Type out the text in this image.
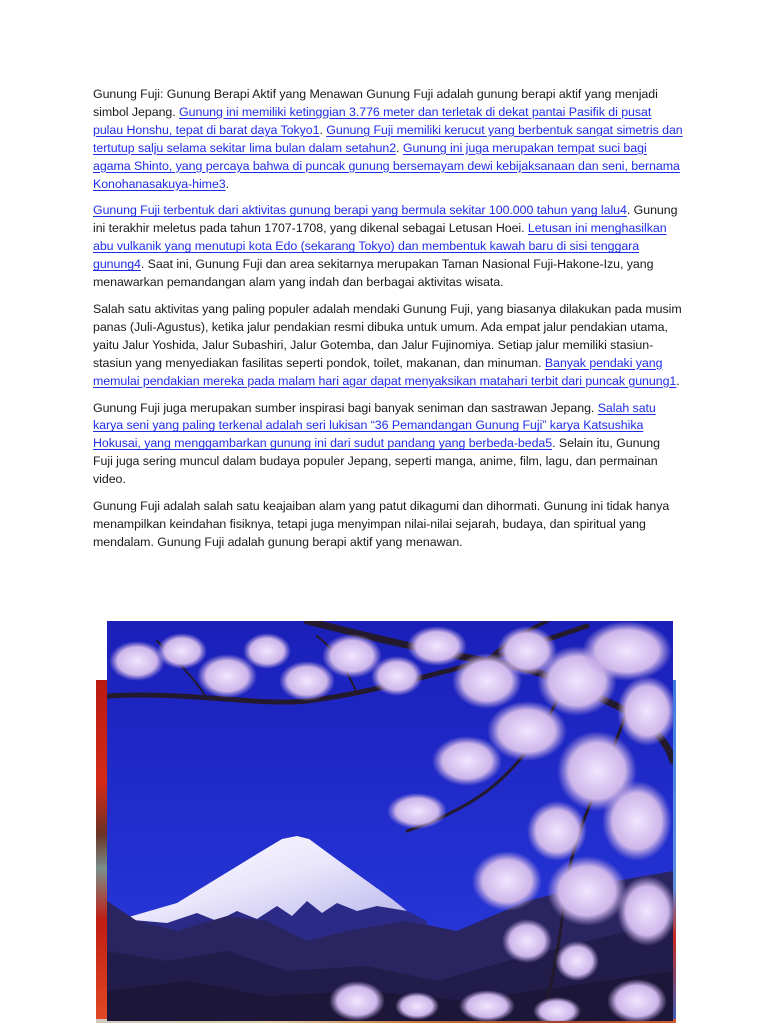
Gunung Fuji: Gunung Berapi Aktif yang Menawan Gunung Fuji adalah gunung berapi aktif yang menjadi simbol Jepang. Gunung ini memiliki ketinggian 3.776 meter dan terletak di dekat pantai Pasifik di pusat pulau Honshu, tepat di barat daya Tokyo1. Gunung Fuji memiliki kerucut yang berbentuk sangat simetris dan tertutup salju selama sekitar lima bulan dalam setahun2. Gunung ini juga merupakan tempat suci bagi agama Shinto, yang percaya bahwa di puncak gunung bersemayam dewi kebijaksanaan dan seni, bernama Konohanasakuya-hime3.

Gunung Fuji terbentuk dari aktivitas gunung berapi yang bermula sekitar 100.000 tahun yang lalu4. Gunung ini terakhir meletus pada tahun 1707-1708, yang dikenal sebagai Letusan Hoei. Letusan ini menghasilkan abu vulkanik yang menutupi kota Edo (sekarang Tokyo) dan membentuk kawah baru di sisi tenggara gunung4. Saat ini, Gunung Fuji dan area sekitarnya merupakan Taman Nasional Fuji-Hakone-Izu, yang menawarkan pemandangan alam yang indah dan berbagai aktivitas wisata.

Salah satu aktivitas yang paling populer adalah mendaki Gunung Fuji, yang biasanya dilakukan pada musim panas (Juli-Agustus), ketika jalur pendakian resmi dibuka untuk umum. Ada empat jalur pendakian utama, yaitu Jalur Yoshida, Jalur Subashiri, Jalur Gotemba, dan Jalur Fujinomiya. Setiap jalur memiliki stasiun-stasiun yang menyediakan fasilitas seperti pondok, toilet, makanan, dan minuman. Banyak pendaki yang memulai pendakian mereka pada malam hari agar dapat menyaksikan matahari terbit dari puncak gunung1.

Gunung Fuji juga merupakan sumber inspirasi bagi banyak seniman dan sastrawan Jepang. Salah satu karya seni yang paling terkenal adalah seri lukisan “36 Pemandangan Gunung Fuji” karya Katsushika Hokusai, yang menggambarkan gunung ini dari sudut pandang yang berbeda-beda5. Selain itu, Gunung Fuji juga sering muncul dalam budaya populer Jepang, seperti manga, anime, film, lagu, dan permainan video.

Gunung Fuji adalah salah satu keajaiban alam yang patut dikagumi dan dihormati. Gunung ini tidak hanya menampilkan keindahan fisiknya, tetapi juga menyimpan nilai-nilai sejarah, budaya, dan spiritual yang mendalam. Gunung Fuji adalah gunung berapi aktif yang menawan.
